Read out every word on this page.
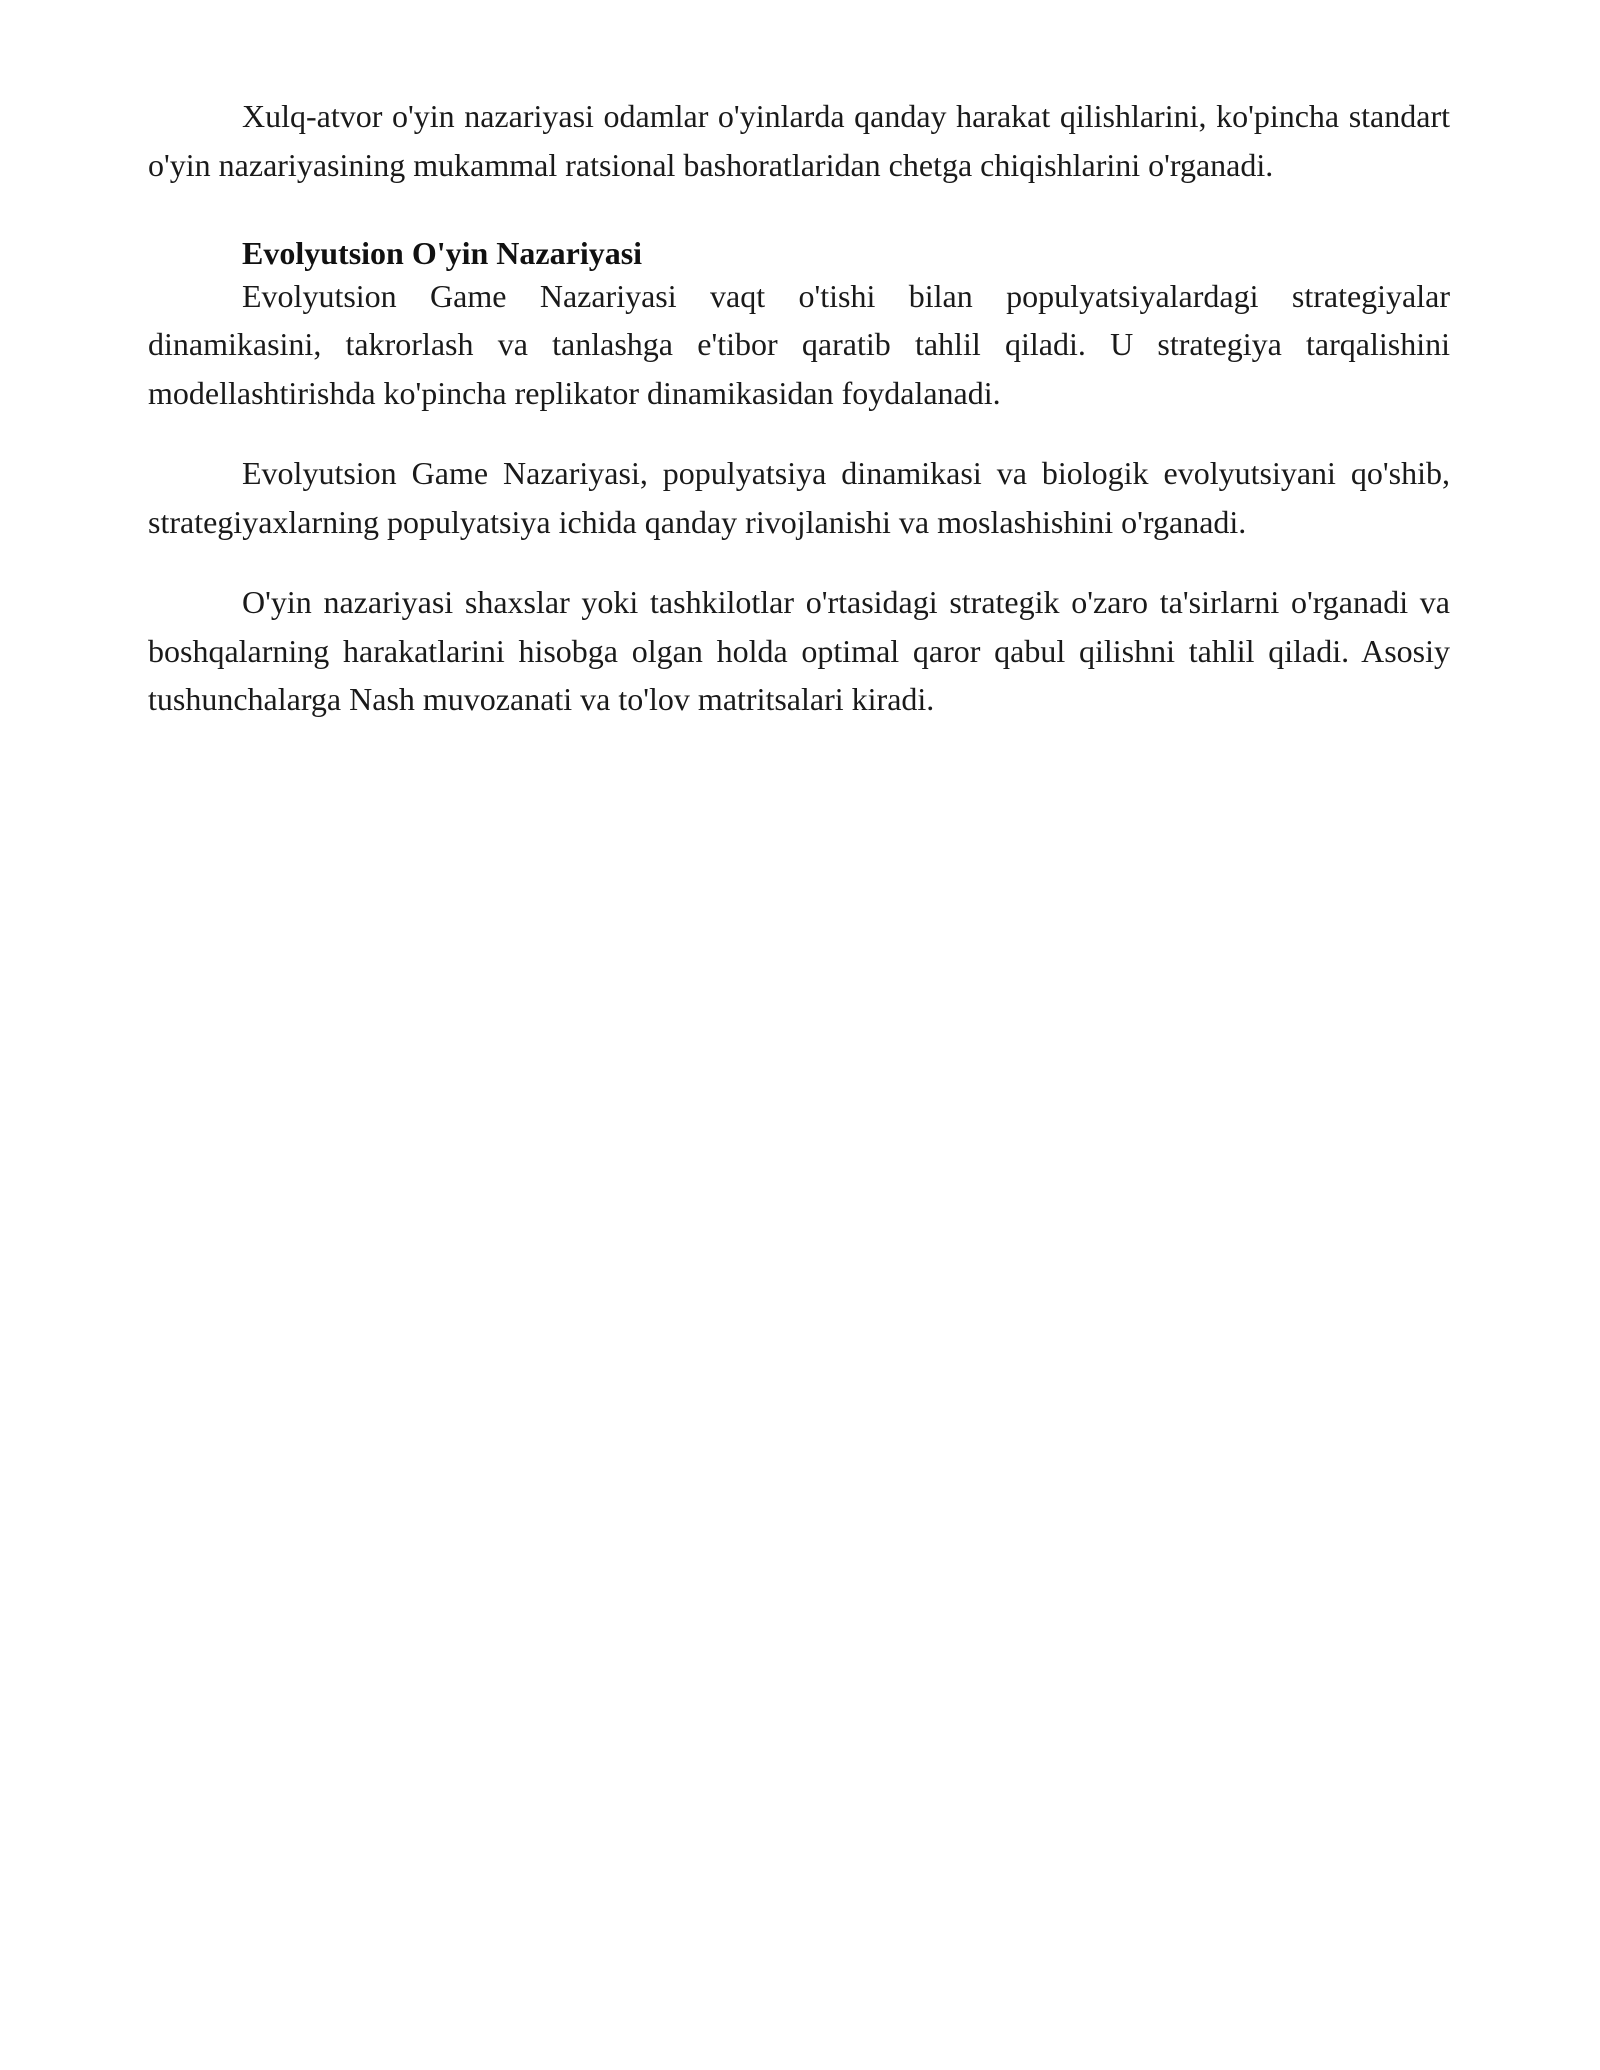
Xulq-atvor o'yin nazariyasi odamlar o'yinlarda qanday harakat qilishlarini, ko'pincha standart o'yin nazariyasining mukammal ratsional bashoratlaridan chetga chiqishlarini o'rganadi.

Evolyutsion O'yin Nazariyasi

Evolyutsion Game Nazariyasi vaqt o'tishi bilan populyatsiyalardagi strategiyalar dinamikasini, takrorlash va tanlashga e'tibor qaratib tahlil qiladi. U strategiya tarqalishini modellashtirishda ko'pincha replikator dinamikasidan foydalanadi.

Evolyutsion Game Nazariyasi, populyatsiya dinamikasi va biologik evolyutsiyani qo'shib, strategiyaxlarning populyatsiya ichida qanday rivojlanishi va moslashishini o'rganadi.

O'yin nazariyasi shaxslar yoki tashkilotlar o'rtasidagi strategik o'zaro ta'sirlarni o'rganadi va boshqalarning harakatlarini hisobga olgan holda optimal qaror qabul qilishni tahlil qiladi. Asosiy tushunchalarga Nash muvozanati va to'lov matritsalari kiradi.
